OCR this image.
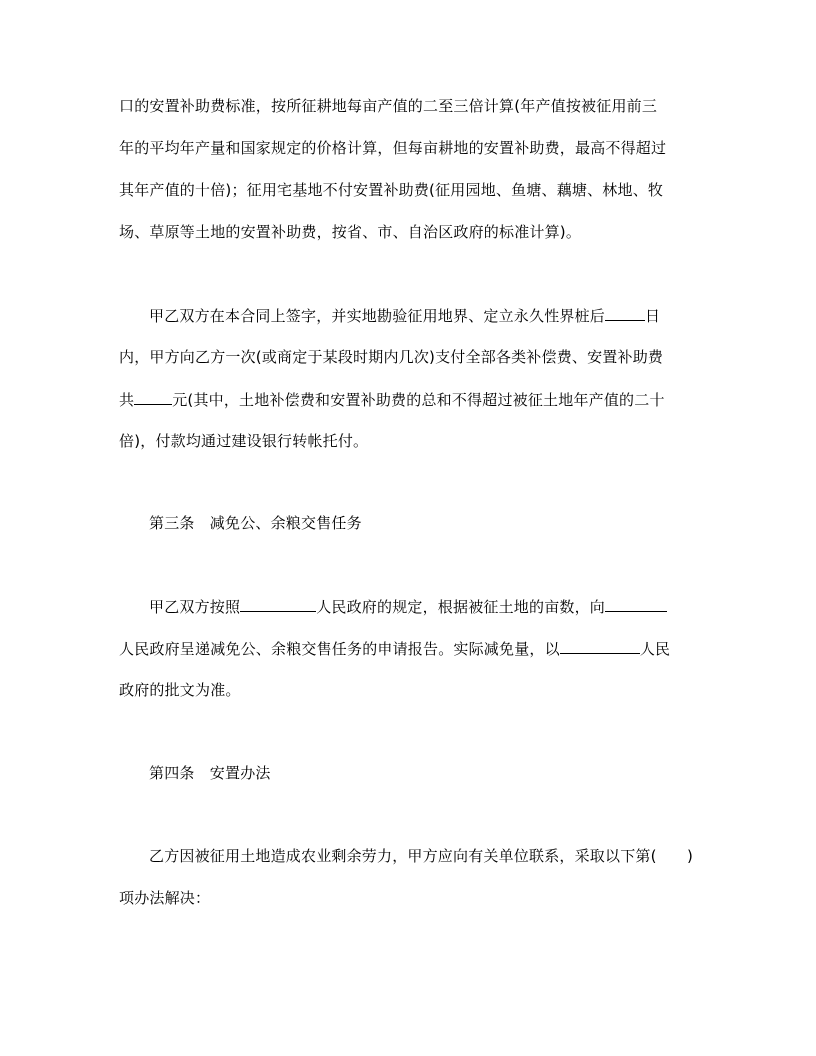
口的安置补助费标准，按所征耕地每亩产值的二至三倍计算(年产值按被征用前三
年的平均年产量和国家规定的价格计算，但每亩耕地的安置补助费，最高不得超过
其年产值的十倍)；征用宅基地不付安置补助费(征用园地、鱼塘、藕塘、林地、牧
场、草原等土地的安置补助费，按省、市、自治区政府的标准计算)。
甲乙双方在本合同上签字，并实地勘验征用地界、定立永久性界桩后	日
内，甲方向乙方一次(或商定于某段时期内几次)支付全部各类补偿费、安置补助费
共	元(其中，土地补偿费和安置补助费的总和不得超过被征土地年产值的二十
倍)，付款均通过建设银行转帐托付。
第三条　减免公、余粮交售任务
甲乙双方按照	人民政府的规定，根据被征土地的亩数，向
人民政府呈递减免公、余粮交售任务的申请报告。实际减免量，以	人民
政府的批文为准。
第四条　安置办法
乙方因被征用土地造成农业剩余劳力，甲方应向有关单位联系，采取以下第(　　)
项办法解决：
